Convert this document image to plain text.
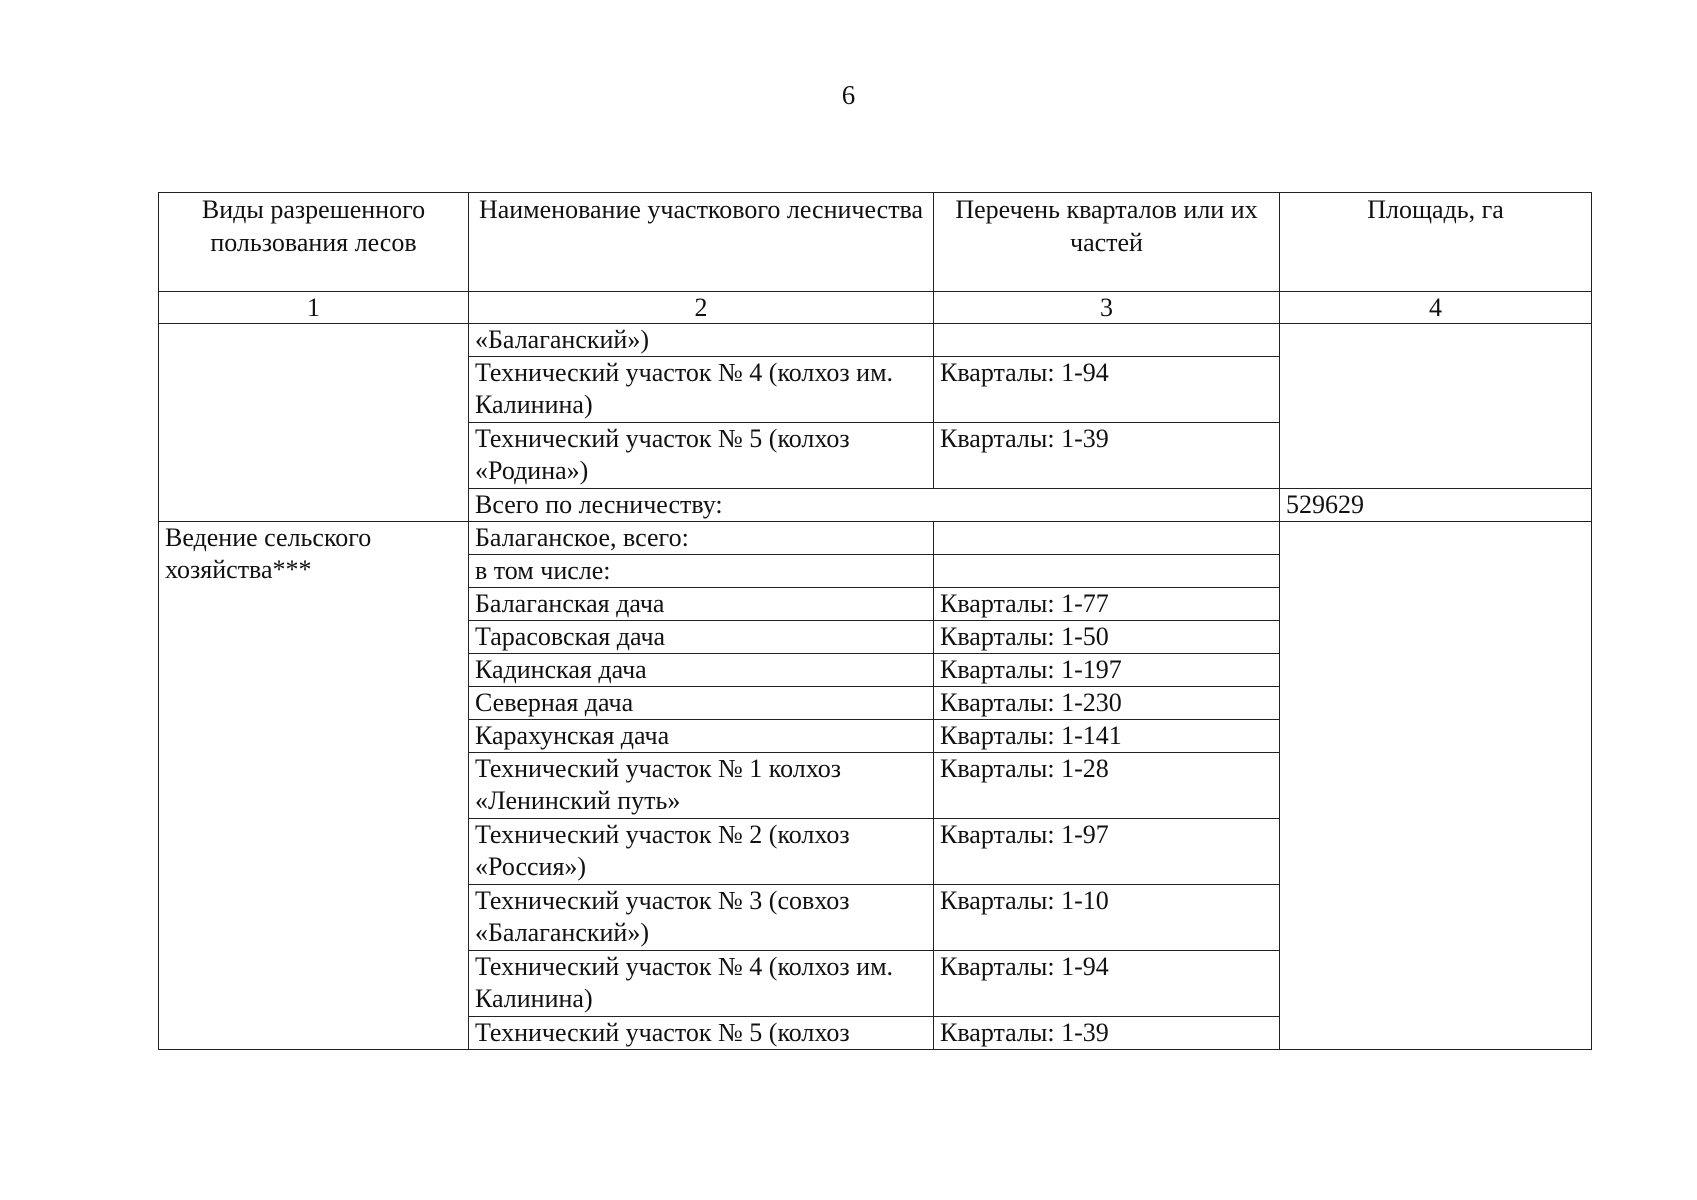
6
Виды разрешенного пользования лесов	Наименование участкового лесничества	Перечень кварталов или их частей	Площадь, га
1	2	3	4
	«Балаганский»)		
	Технический участок № 4 (колхоз им. Калинина)	Кварталы: 1-94	
	Технический участок № 5 (колхоз «Родина»)	Кварталы: 1-39	
	Всего по лесничеству:		529629
Ведение сельского хозяйства***	Балаганское, всего:		
	в том числе:		
	Балаганская дача	Кварталы: 1-77	
	Тарасовская дача	Кварталы: 1-50	
	Кадинская дача	Кварталы: 1-197	
	Северная дача	Кварталы: 1-230	
	Карахунская дача	Кварталы: 1-141	
	Технический участок № 1 колхоз «Ленинский путь»	Кварталы: 1-28	
	Технический участок № 2 (колхоз «Россия»)	Кварталы: 1-97	
	Технический участок № 3 (совхоз «Балаганский»)	Кварталы: 1-10	
	Технический участок № 4 (колхоз им. Калинина)	Кварталы: 1-94	
	Технический участок № 5 (колхоз	Кварталы: 1-39	
